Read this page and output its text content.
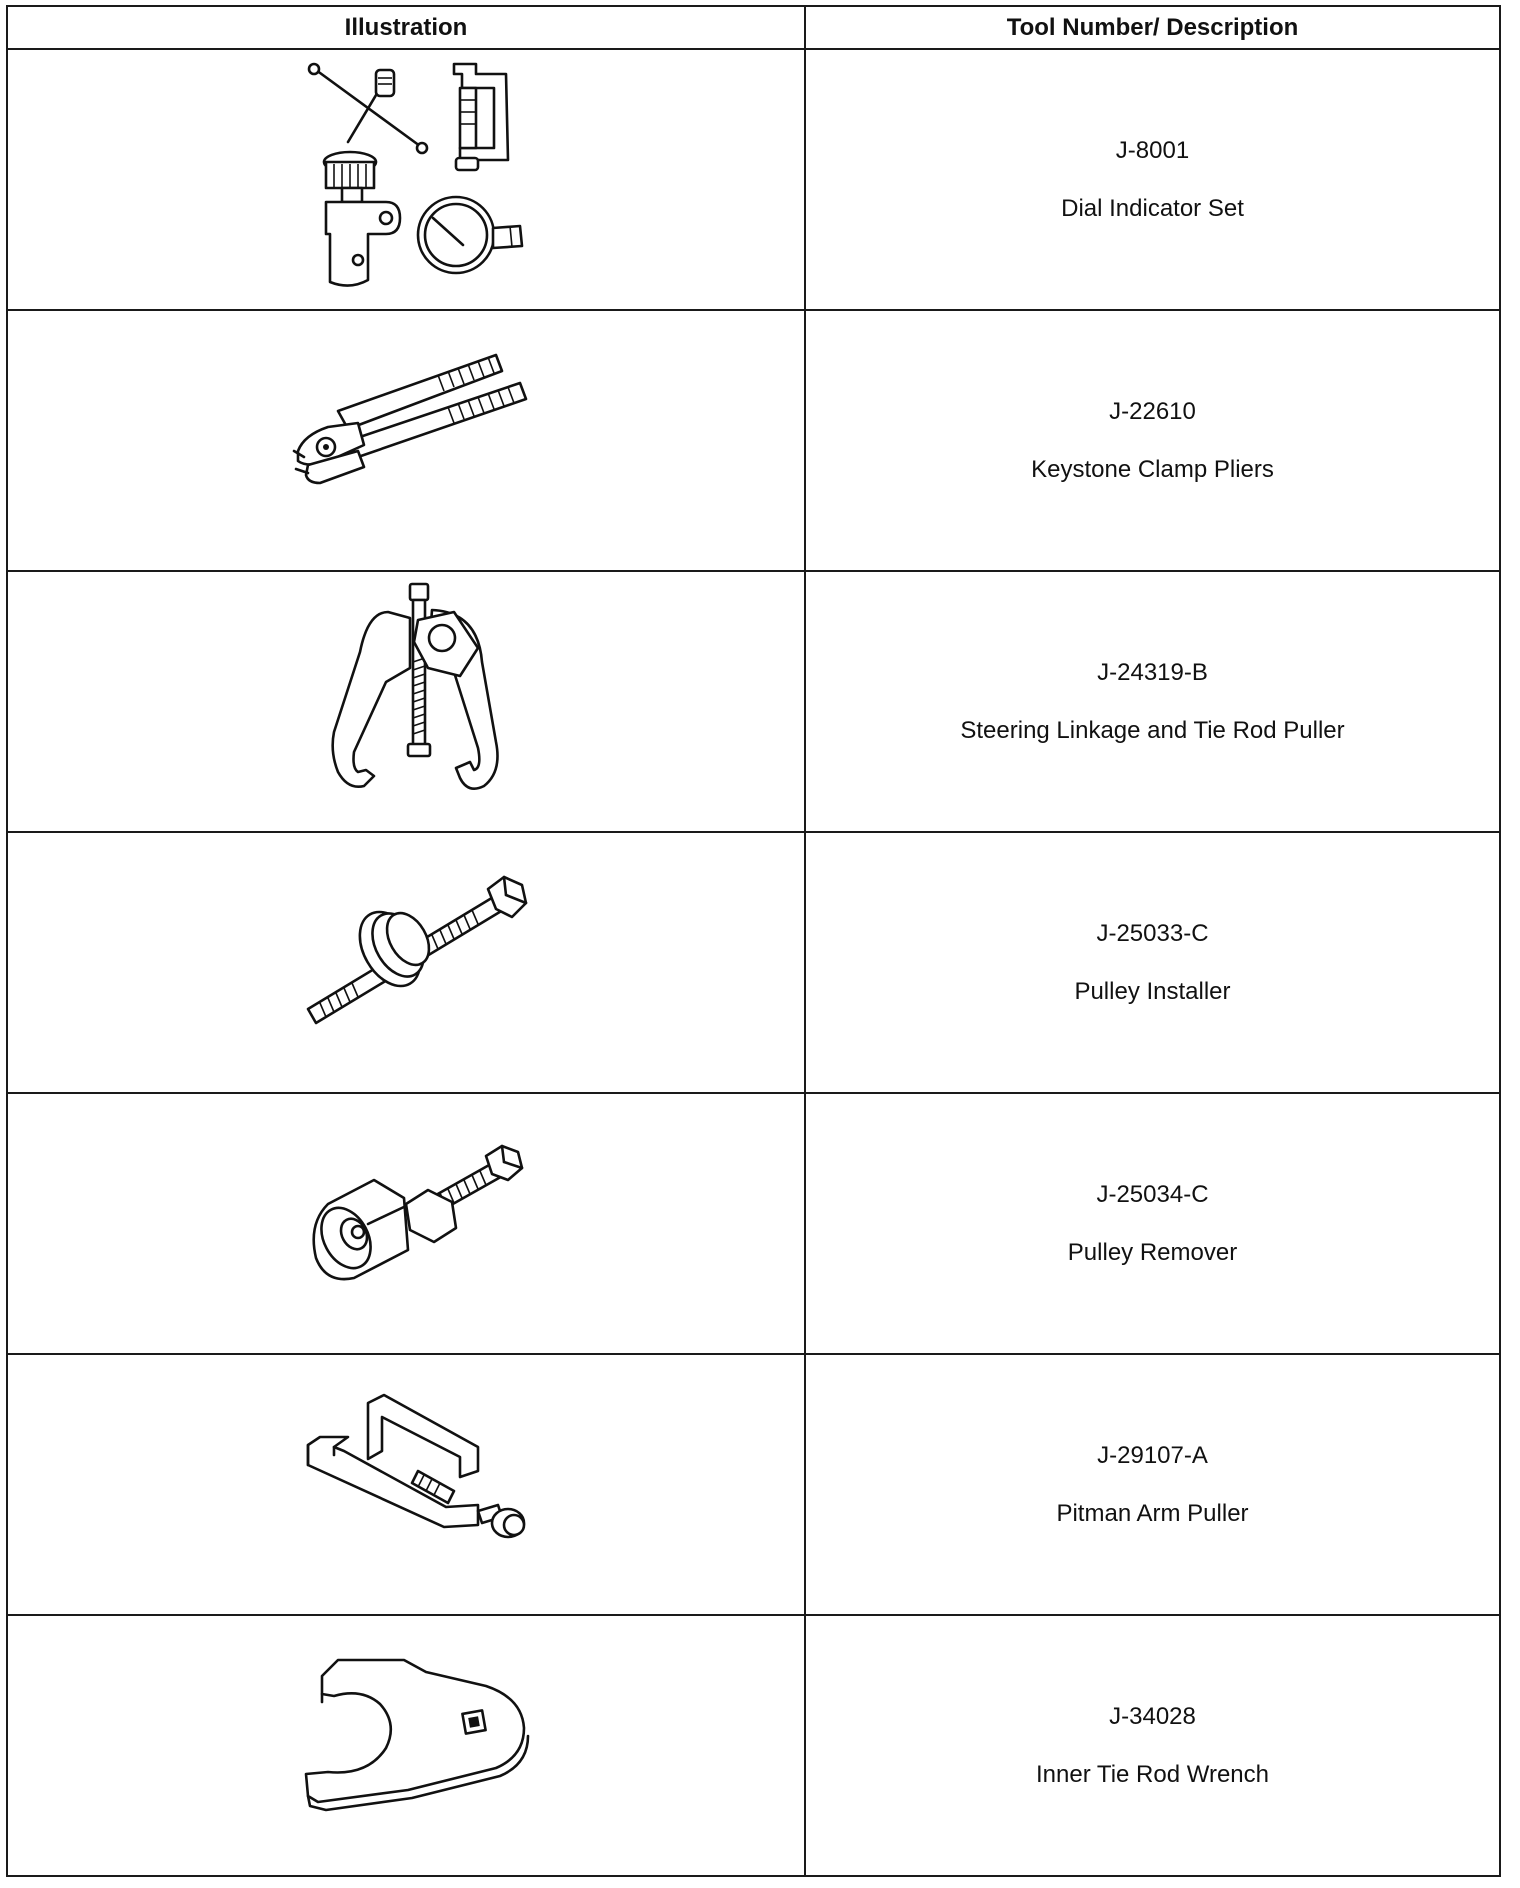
Illustration	Tool Number/ Description

J-8001
Dial Indicator Set

J-22610
Keystone Clamp Pliers

J-24319-B
Steering Linkage and Tie Rod Puller

J-25033-C
Pulley Installer

J-25034-C
Pulley Remover

J-29107-A
Pitman Arm Puller

J-34028
Inner Tie Rod Wrench
